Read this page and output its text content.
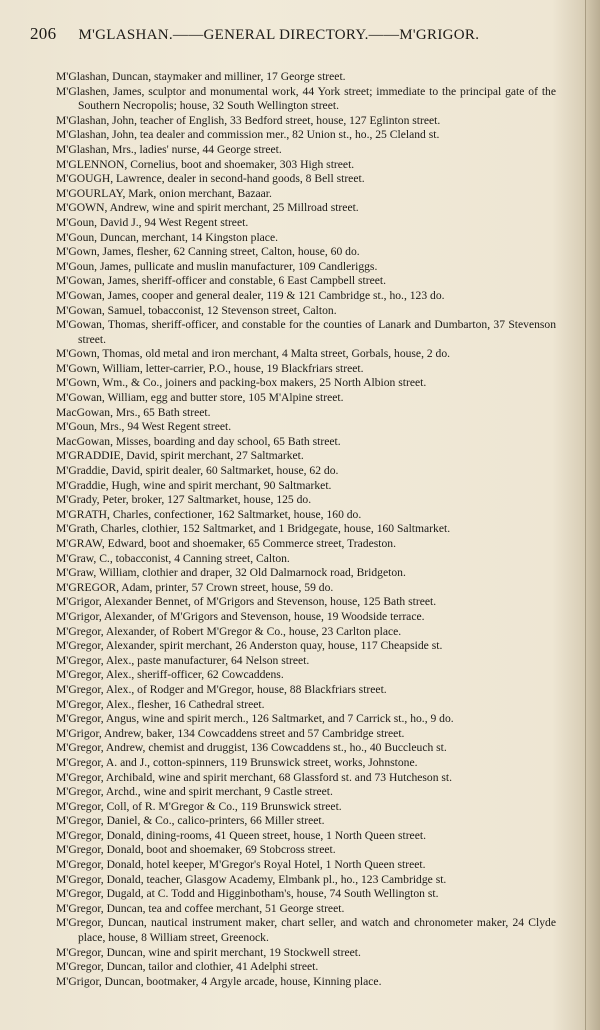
206 M'GLASHAN.——GENERAL DIRECTORY.——M'GRIGOR.
M'Glashan, Duncan, staymaker and milliner, 17 George street.
M'Glashen, James, sculptor and monumental work, 44 York street; immediate to the principal gate of the Southern Necropolis; house, 32 South Wellington street.
M'Glashan, John, teacher of English, 33 Bedford street, house, 127 Eglinton street.
M'Glashan, John, tea dealer and commission mer., 82 Union st., ho., 25 Cleland st.
M'Glashan, Mrs., ladies' nurse, 44 George street.
M'GLENNON, Cornelius, boot and shoemaker, 303 High street.
M'GOUGH, Lawrence, dealer in second-hand goods, 8 Bell street.
M'GOURLAY, Mark, onion merchant, Bazaar.
M'GOWN, Andrew, wine and spirit merchant, 25 Millroad street.
M'Goun, David J., 94 West Regent street.
M'Goun, Duncan, merchant, 14 Kingston place.
M'Gown, James, flesher, 62 Canning street, Calton, house, 60 do.
M'Goun, James, pullicate and muslin manufacturer, 109 Candleriggs.
M'Gowan, James, sheriff-officer and constable, 6 East Campbell street.
M'Gowan, James, cooper and general dealer, 119 & 121 Cambridge st., ho., 123 do.
M'Gowan, Samuel, tobacconist, 12 Stevenson street, Calton.
M'Gowan, Thomas, sheriff-officer, and constable for the counties of Lanark and Dumbarton, 37 Stevenson street.
M'Gown, Thomas, old metal and iron merchant, 4 Malta street, Gorbals, house, 2 do.
M'Gown, William, letter-carrier, P.O., house, 19 Blackfriars street.
M'Gown, Wm., & Co., joiners and packing-box makers, 25 North Albion street.
M'Gowan, William, egg and butter store, 105 M'Alpine street.
MacGowan, Mrs., 65 Bath street.
M'Goun, Mrs., 94 West Regent street.
MacGowan, Misses, boarding and day school, 65 Bath street.
M'GRADDIE, David, spirit merchant, 27 Saltmarket.
M'Graddie, David, spirit dealer, 60 Saltmarket, house, 62 do.
M'Graddie, Hugh, wine and spirit merchant, 90 Saltmarket.
M'Grady, Peter, broker, 127 Saltmarket, house, 125 do.
M'GRATH, Charles, confectioner, 162 Saltmarket, house, 160 do.
M'Grath, Charles, clothier, 152 Saltmarket, and 1 Bridgegate, house, 160 Saltmarket.
M'GRAW, Edward, boot and shoemaker, 65 Commerce street, Tradeston.
M'Graw, C., tobacconist, 4 Canning street, Calton.
M'Graw, William, clothier and draper, 32 Old Dalmarnock road, Bridgeton.
M'GREGOR, Adam, printer, 57 Crown street, house, 59 do.
M'Grigor, Alexander Bennet, of M'Grigors and Stevenson, house, 125 Bath street.
M'Grigor, Alexander, of M'Grigors and Stevenson, house, 19 Woodside terrace.
M'Gregor, Alexander, of Robert M'Gregor & Co., house, 23 Carlton place.
M'Gregor, Alexander, spirit merchant, 26 Anderston quay, house, 117 Cheapside st.
M'Gregor, Alex., paste manufacturer, 64 Nelson street.
M'Gregor, Alex., sheriff-officer, 62 Cowcaddens.
M'Gregor, Alex., of Rodger and M'Gregor, house, 88 Blackfriars street.
M'Gregor, Alex., flesher, 16 Cathedral street.
M'Gregor, Angus, wine and spirit merch., 126 Saltmarket, and 7 Carrick st., ho., 9 do.
M'Grigor, Andrew, baker, 134 Cowcaddens street and 57 Cambridge street.
M'Gregor, Andrew, chemist and druggist, 136 Cowcaddens st., ho., 40 Buccleuch st.
M'Gregor, A. and J., cotton-spinners, 119 Brunswick street, works, Johnstone.
M'Gregor, Archibald, wine and spirit merchant, 68 Glassford st. and 73 Hutcheson st.
M'Gregor, Archd., wine and spirit merchant, 9 Castle street.
M'Gregor, Coll, of R. M'Gregor & Co., 119 Brunswick street.
M'Gregor, Daniel, & Co., calico-printers, 66 Miller street.
M'Gregor, Donald, dining-rooms, 41 Queen street, house, 1 North Queen street.
M'Gregor, Donald, boot and shoemaker, 69 Stobcross street.
M'Gregor, Donald, hotel keeper, M'Gregor's Royal Hotel, 1 North Queen street.
M'Gregor, Donald, teacher, Glasgow Academy, Elmbank pl., ho., 123 Cambridge st.
M'Gregor, Dugald, at C. Todd and Higginbotham's, house, 74 South Wellington st.
M'Gregor, Duncan, tea and coffee merchant, 51 George street.
M'Gregor, Duncan, nautical instrument maker, chart seller, and watch and chronometer maker, 24 Clyde place, house, 8 William street, Greenock.
M'Gregor, Duncan, wine and spirit merchant, 19 Stockwell street.
M'Gregor, Duncan, tailor and clothier, 41 Adelphi street.
M'Grigor, Duncan, bootmaker, 4 Argyle arcade, house, Kinning place.
